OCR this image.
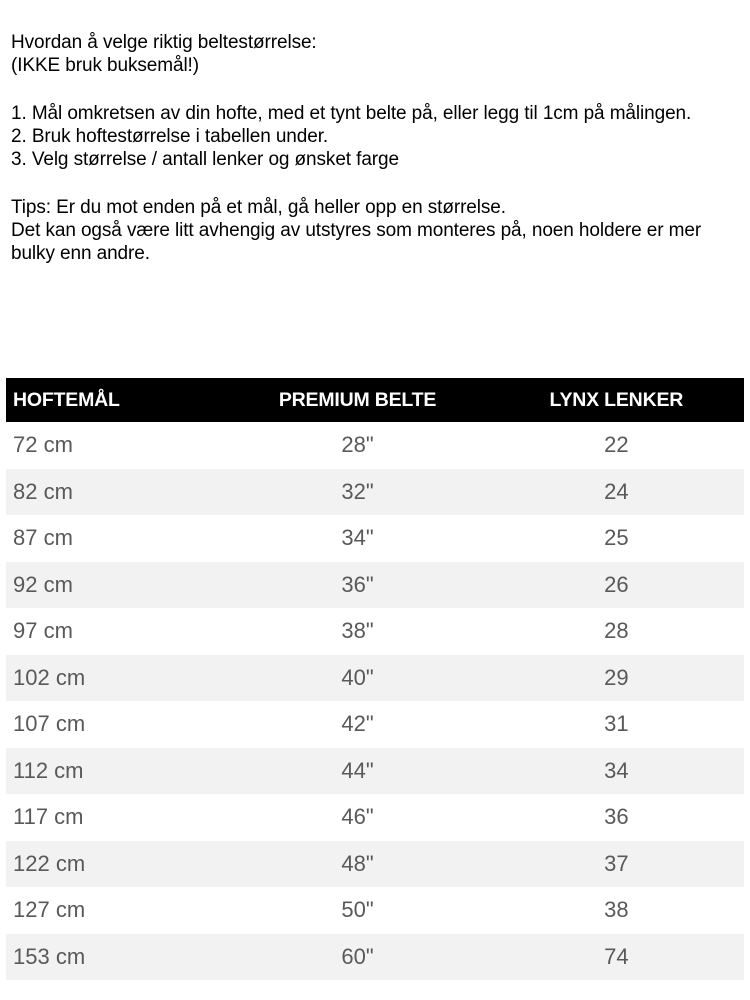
Hvordan å velge riktig beltestørrelse:

(IKKE bruk buksemål!)

1. Mål omkretsen av din hofte, med et tynt belte på, eller legg til 1cm på målingen.

2. Bruk hoftestørrelse i tabellen under.

3. Velg størrelse / antall lenker og ønsket farge

Tips: Er du mot enden på et mål, gå heller opp en størrelse.

Det kan også være litt avhengig av utstyres som monteres på, noen holdere er mer bulky enn andre.

HOFTEMÅL	PREMIUM BELTE	LYNX LENKER
72 cm	28"	22
82 cm	32"	24
87 cm	34"	25
92 cm	36"	26
97 cm	38"	28
102 cm	40"	29
107 cm	42"	31
112 cm	44"	34
117 cm	46"	36
122 cm	48"	37
127 cm	50"	38
153 cm	60"	74
